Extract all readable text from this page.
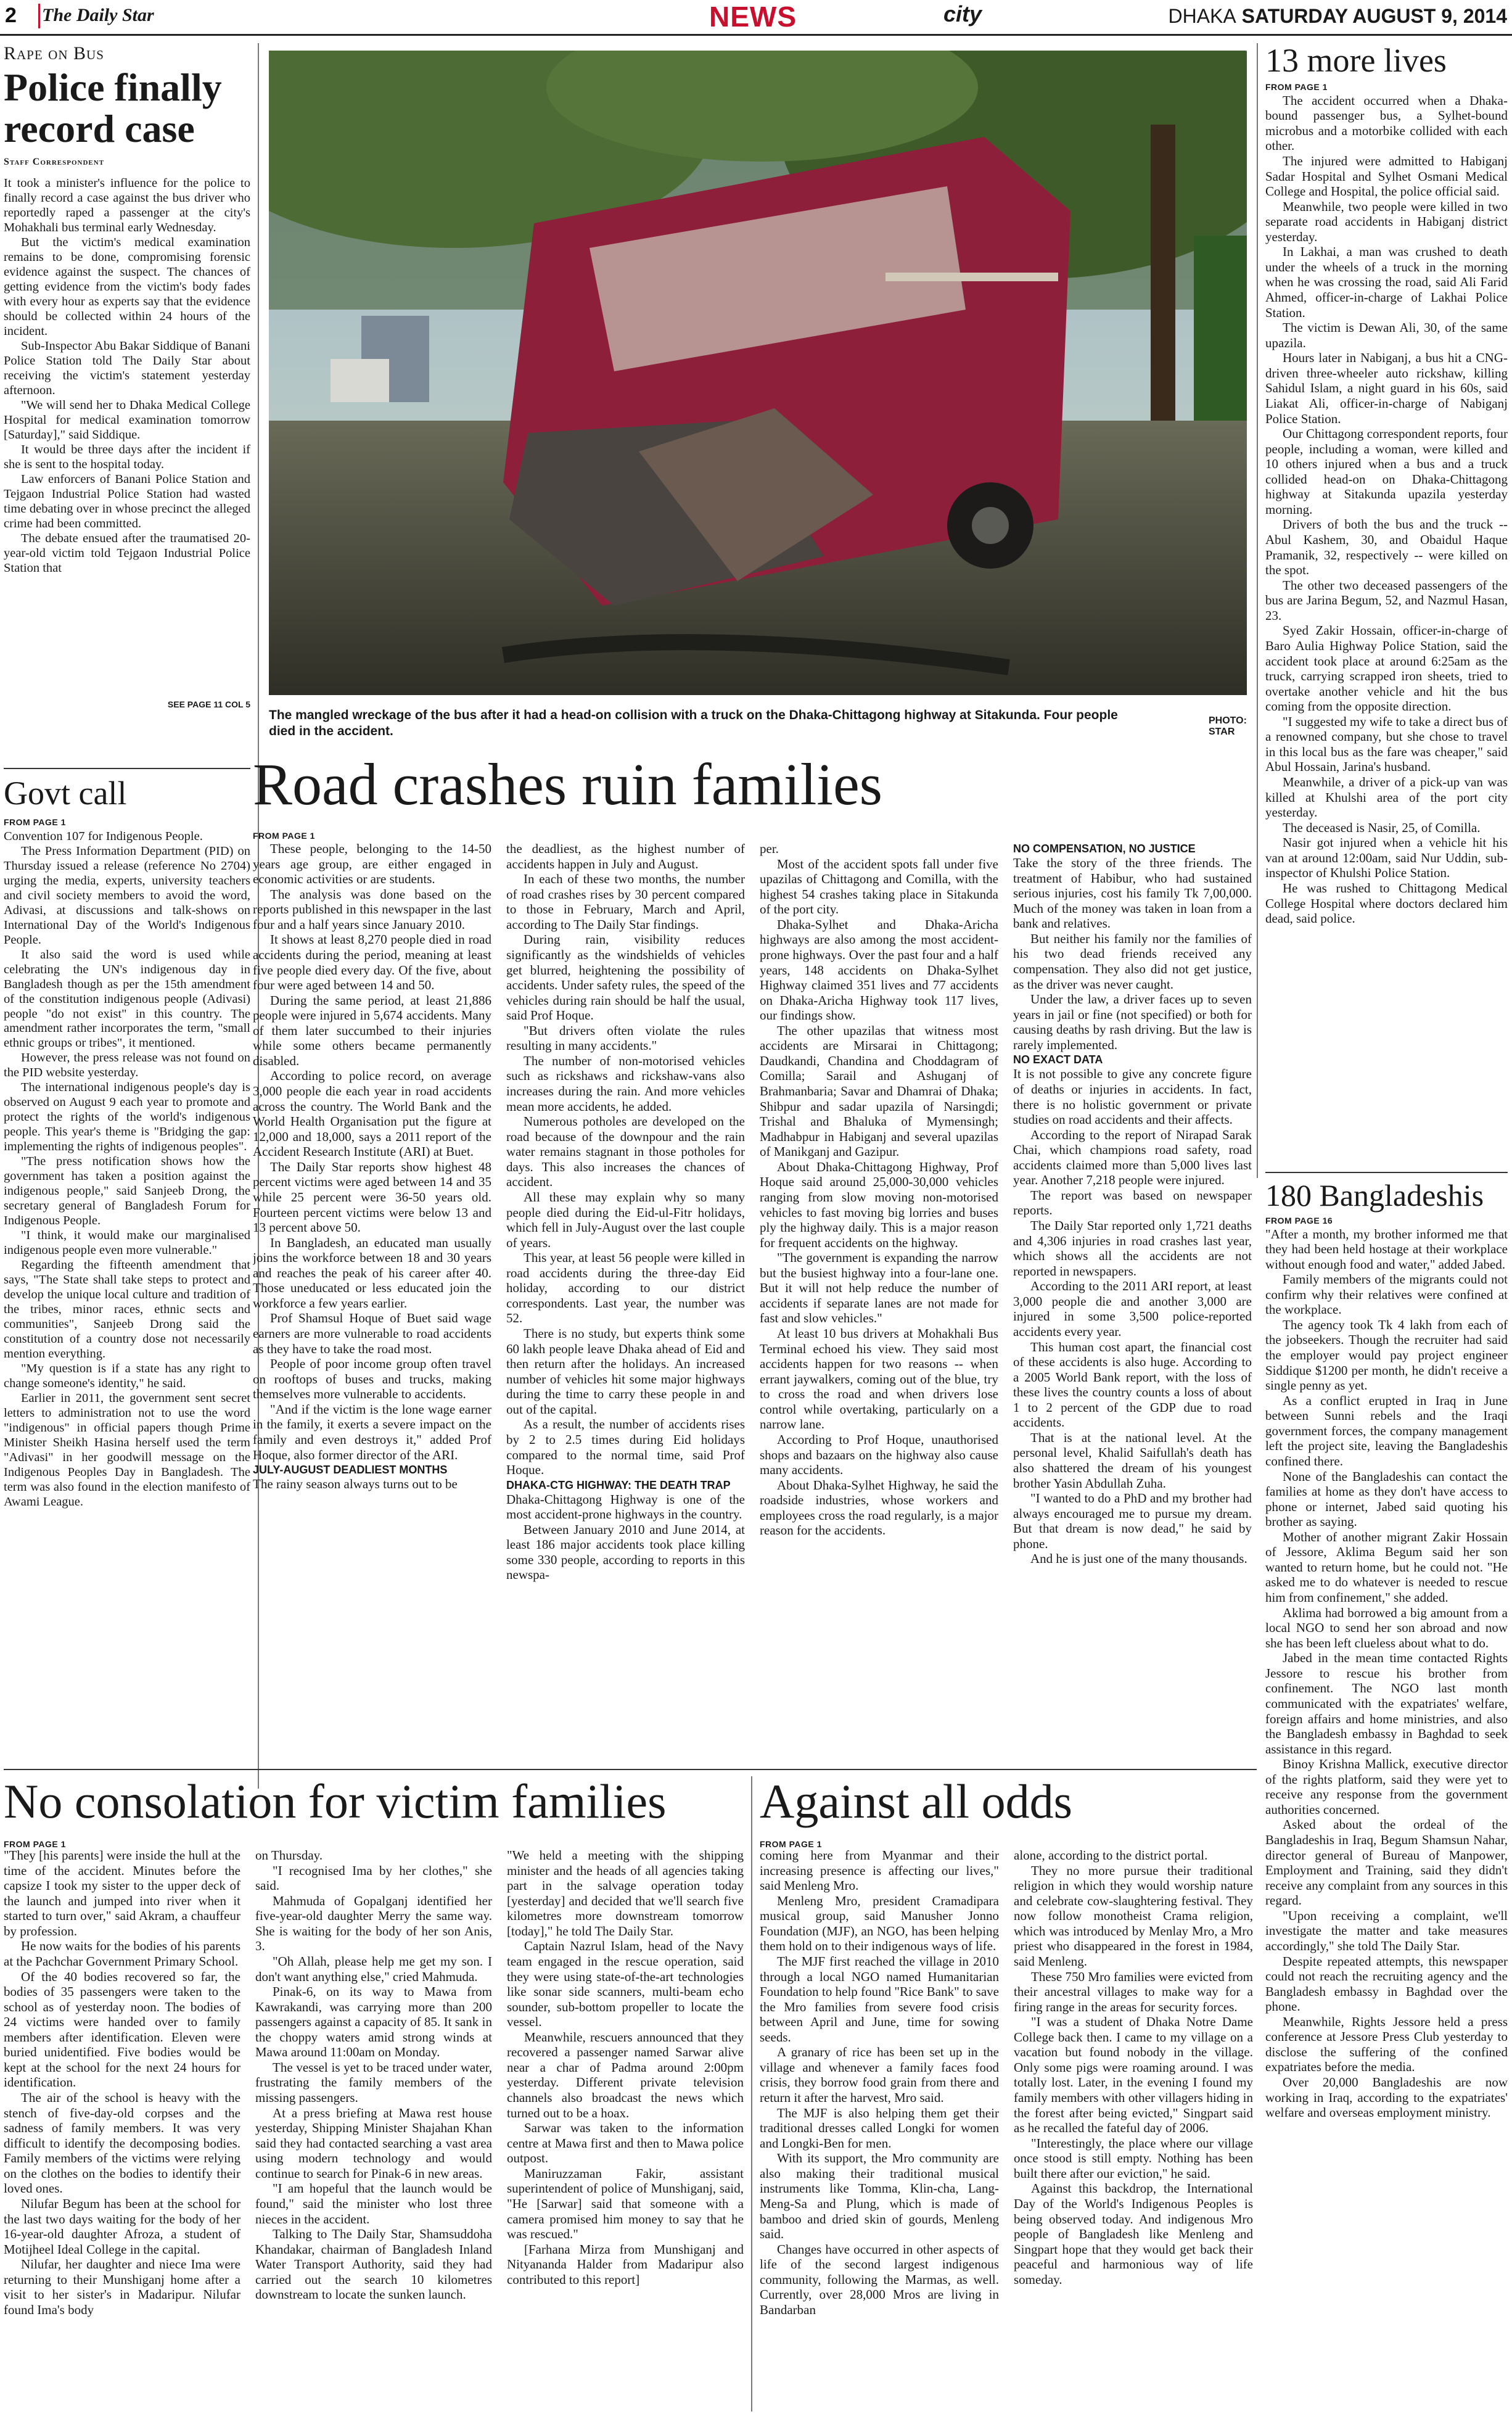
2 The Daily Star	NEWS	city	DHAKA SATURDAY AUGUST 9, 2014
Rape on Bus
Police finally record case
Staff Correspondent

It took a minister's influence for the police to finally record a case against the bus driver who reportedly raped a passenger at the city's Mohakhali bus terminal early Wednesday.

But the victim's medical examination remains to be done, compromising forensic evidence against the suspect. The chances of getting evidence from the victim's body fades with every hour as experts say that the evidence should be collected within 24 hours of the incident.

Sub-Inspector Abu Bakar Siddique of Banani Police Station told The Daily Star about receiving the victim's statement yesterday afternoon.

"We will send her to Dhaka Medical College Hospital for medical examination tomorrow [Saturday]," said Siddique.

It would be three days after the incident if she is sent to the hospital today.

Law enforcers of Banani Police Station and Tejgaon Industrial Police Station had wasted time debating over in whose precinct the alleged crime had been committed.

The debate ensued after the traumatised 20-year-old victim told Tejgaon Industrial Police Station that

SEE PAGE 11 COL 5
Govt call
FROM PAGE 1

Convention 107 for Indigenous People.

The Press Information Department (PID) on Thursday issued a release (reference No 2704) urging the media, experts, university teachers and civil society members to avoid the word, Adivasi, at discussions and talk-shows on International Day of the World's Indigenous People.

It also said the word is used while celebrating the UN's indigenous day in Bangladesh though as per the 15th amendment of the constitution indigenous people (Adivasi) people "do not exist" in this country. The amendment rather incorporates the term, "small ethnic groups or tribes", it mentioned.

However, the press release was not found on the PID website yesterday.

The international indigenous people's day is observed on August 9 each year to promote and protect the rights of the world's indigenous people. This year's theme is "Bridging the gap: implementing the rights of indigenous peoples".

"The press notification shows how the government has taken a position against the indigenous people," said Sanjeeb Drong, the secretary general of Bangladesh Forum for Indigenous People.

"I think, it would make our marginalised indigenous people even more vulnerable."

Regarding the fifteenth amendment that says, "The State shall take steps to protect and develop the unique local culture and tradition of the tribes, minor races, ethnic sects and communities", Sanjeeb Drong said the constitution of a country dose not necessarily mention everything.

"My question is if a state has any right to change someone's identity," he said.

Earlier in 2011, the government sent secret letters to administration not to use the word "indigenous" in official papers though Prime Minister Sheikh Hasina herself used the term "Adivasi" in her goodwill message on the Indigenous Peoples Day in Bangladesh. The term was also found in the election manifesto of Awami League.

The mangled wreckage of the bus after it had a head-on collision with a truck on the Dhaka-Chittagong highway at Sitakunda. Four people died in the accident.
PHOTO:
STAR
13 more lives
FROM PAGE 1

The accident occurred when a Dhaka-bound passenger bus, a Sylhet-bound microbus and a motorbike collided with each other.

The injured were admitted to Habiganj Sadar Hospital and Sylhet Osmani Medical College and Hospital, the police official said.

Meanwhile, two people were killed in two separate road accidents in Habiganj district yesterday.

In Lakhai, a man was crushed to death under the wheels of a truck in the morning when he was crossing the road, said Ali Farid Ahmed, officer-in-charge of Lakhai Police Station.

The victim is Dewan Ali, 30, of the same upazila.

Hours later in Nabiganj, a bus hit a CNG-driven three-wheeler auto rickshaw, killing Sahidul Islam, a night guard in his 60s, said Liakat Ali, officer-in-charge of Nabiganj Police Station.

Our Chittagong correspondent reports, four people, including a woman, were killed and 10 others injured when a bus and a truck collided head-on on Dhaka-Chittagong highway at Sitakunda upazila yesterday morning.

Drivers of both the bus and the truck -- Abul Kashem, 30, and Obaidul Haque Pramanik, 32, respectively -- were killed on the spot.

The other two deceased passengers of the bus are Jarina Begum, 52, and Nazmul Hasan, 23.

Syed Zakir Hossain, officer-in-charge of Baro Aulia Highway Police Station, said the accident took place at around 6:25am as the truck, carrying scrapped iron sheets, tried to overtake another vehicle and hit the bus coming from the opposite direction.

"I suggested my wife to take a direct bus of a renowned company, but she chose to travel in this local bus as the fare was cheaper," said Abul Hossain, Jarina's husband.

Meanwhile, a driver of a pick-up van was killed at Khulshi area of the port city yesterday.

The deceased is Nasir, 25, of Comilla.

Nasir got injured when a vehicle hit his van at around 12:00am, said Nur Uddin, sub-inspector of Khulshi Police Station.

He was rushed to Chittagong Medical College Hospital where doctors declared him dead, said police.

180 Bangladeshis
FROM PAGE 16

"After a month, my brother informed me that they had been held hostage at their workplace without enough food and water," added Jabed.

Family members of the migrants could not confirm why their relatives were confined at the workplace.

The agency took Tk 4 lakh from each of the jobseekers. Though the recruiter had said the employer would pay project engineer Siddique $1200 per month, he didn't receive a single penny as yet.

As a conflict erupted in Iraq in June between Sunni rebels and the Iraqi government forces, the company management left the project site, leaving the Bangladeshis confined there.

None of the Bangladeshis can contact the families at home as they don't have access to phone or internet, Jabed said quoting his brother as saying.

Mother of another migrant Zakir Hossain of Jessore, Aklima Begum said her son wanted to return home, but he could not. "He asked me to do whatever is needed to rescue him from confinement," she added.

Aklima had borrowed a big amount from a local NGO to send her son abroad and now she has been left clueless about what to do.

Jabed in the mean time contacted Rights Jessore to rescue his brother from confinement. The NGO last month communicated with the expatriates' welfare, foreign affairs and home ministries, and also the Bangladesh embassy in Baghdad to seek assistance in this regard.

Binoy Krishna Mallick, executive director of the rights platform, said they were yet to receive any response from the government authorities concerned.

Asked about the ordeal of the Bangladeshis in Iraq, Begum Shamsun Nahar, director general of Bureau of Manpower, Employment and Training, said they didn't receive any complaint from any sources in this regard.

"Upon receiving a complaint, we'll investigate the matter and take measures accordingly," she told The Daily Star.

Despite repeated attempts, this newspaper could not reach the recruiting agency and the Bangladesh embassy in Baghdad over the phone.

Meanwhile, Rights Jessore held a press conference at Jessore Press Club yesterday to disclose the suffering of the confined expatriates before the media.

Over 20,000 Bangladeshis are now working in Iraq, according to the expatriates' welfare and overseas employment ministry.

Road crashes ruin families
FROM PAGE 1

These people, belonging to the 14-50 years age group, are either engaged in economic activities or are students.

The analysis was done based on the reports published in this newspaper in the last four and a half years since January 2010.

It shows at least 8,270 people died in road accidents during the period, meaning at least five people died every day. Of the five, about four were aged between 14 and 50.

During the same period, at least 21,886 people were injured in 5,674 accidents. Many of them later succumbed to their injuries while some others became permanently disabled.

According to police record, on average 3,000 people die each year in road accidents across the country. The World Bank and the World Health Organisation put the figure at 12,000 and 18,000, says a 2011 report of the Accident Research Institute (ARI) at Buet.

The Daily Star reports show highest 48 percent victims were aged between 14 and 35 while 25 percent were 36-50 years old. Fourteen percent victims were below 13 and 13 percent above 50.

In Bangladesh, an educated man usually joins the workforce between 18 and 30 years and reaches the peak of his career after 40. Those uneducated or less educated join the workforce a few years earlier.

Prof Shamsul Hoque of Buet said wage earners are more vulnerable to road accidents as they have to take the road most.

People of poor income group often travel on rooftops of buses and trucks, making themselves more vulnerable to accidents.

"And if the victim is the lone wage earner in the family, it exerts a severe impact on the family and even destroys it," added Prof Hoque, also former director of the ARI.

JULY-AUGUST DEADLIEST MONTHS

The rainy season always turns out to be

the deadliest, as the highest number of accidents happen in July and August.

In each of these two months, the number of road crashes rises by 30 percent compared to those in February, March and April, according to The Daily Star findings.

During rain, visibility reduces significantly as the windshields of vehicles get blurred, heightening the possibility of accidents. Under safety rules, the speed of the vehicles during rain should be half the usual, said Prof Hoque.

"But drivers often violate the rules resulting in many accidents."

The number of non-motorised vehicles such as rickshaws and rickshaw-vans also increases during the rain. And more vehicles mean more accidents, he added.

Numerous potholes are developed on the road because of the downpour and the rain water remains stagnant in those potholes for days. This also increases the chances of accident.

All these may explain why so many people died during the Eid-ul-Fitr holidays, which fell in July-August over the last couple of years.

This year, at least 56 people were killed in road accidents during the three-day Eid holiday, according to our district correspondents. Last year, the number was 52.

There is no study, but experts think some 60 lakh people leave Dhaka ahead of Eid and then return after the holidays. An increased number of vehicles hit some major highways during the time to carry these people in and out of the capital.

As a result, the number of accidents rises by 2 to 2.5 times during Eid holidays compared to the normal time, said Prof Hoque.

DHAKA-CTG HIGHWAY: THE DEATH TRAP

Dhaka-Chittagong Highway is one of the most accident-prone highways in the country.

Between January 2010 and June 2014, at least 186 major accidents took place killing some 330 people, according to reports in this newspa-

per.

Most of the accident spots fall under five upazilas of Chittagong and Comilla, with the highest 54 crashes taking place in Sitakunda of the port city.

Dhaka-Sylhet and Dhaka-Aricha highways are also among the most accident-prone highways. Over the past four and a half years, 148 accidents on Dhaka-Sylhet Highway claimed 351 lives and 77 accidents on Dhaka-Aricha Highway took 117 lives, our findings show.

The other upazilas that witness most accidents are Mirsarai in Chittagong; Daudkandi, Chandina and Choddagram of Comilla; Sarail and Ashuganj of Brahmanbaria; Savar and Dhamrai of Dhaka; Shibpur and sadar upazila of Narsingdi; Trishal and Bhaluka of Mymensingh; Madhabpur in Habiganj and several upazilas of Manikganj and Gazipur.

About Dhaka-Chittagong Highway, Prof Hoque said around 25,000-30,000 vehicles ranging from slow moving non-motorised vehicles to fast moving big lorries and buses ply the highway daily. This is a major reason for frequent accidents on the highway.

"The government is expanding the narrow but the busiest highway into a four-lane one. But it will not help reduce the number of accidents if separate lanes are not made for fast and slow vehicles."

At least 10 bus drivers at Mohakhali Bus Terminal echoed his view. They said most accidents happen for two reasons -- when errant jaywalkers, coming out of the blue, try to cross the road and when drivers lose control while overtaking, particularly on a narrow lane.

According to Prof Hoque, unauthorised shops and bazaars on the highway also cause many accidents.

About Dhaka-Sylhet Highway, he said the roadside industries, whose workers and employees cross the road regularly, is a major reason for the accidents.

NO COMPENSATION, NO JUSTICE

Take the story of the three friends. The treatment of Habibur, who had sustained serious injuries, cost his family Tk 7,00,000. Much of the money was taken in loan from a bank and relatives.

But neither his family nor the families of his two dead friends received any compensation. They also did not get justice, as the driver was never caught.

Under the law, a driver faces up to seven years in jail or fine (not specified) or both for causing deaths by rash driving. But the law is rarely implemented.

NO EXACT DATA

It is not possible to give any concrete figure of deaths or injuries in accidents. In fact, there is no holistic government or private studies on road accidents and their affects.

According to the report of Nirapad Sarak Chai, which champions road safety, road accidents claimed more than 5,000 lives last year. Another 7,218 people were injured.

The report was based on newspaper reports.

The Daily Star reported only 1,721 deaths and 4,306 injuries in road crashes last year, which shows all the accidents are not reported in newspapers.

According to the 2011 ARI report, at least 3,000 people die and another 3,000 are injured in some 3,500 police-reported accidents every year.

This human cost apart, the financial cost of these accidents is also huge. According to a 2005 World Bank report, with the loss of these lives the country counts a loss of about 1 to 2 percent of the GDP due to road accidents.

That is at the national level. At the personal level, Khalid Saifullah's death has also shattered the dream of his youngest brother Yasin Abdullah Zuha.

"I wanted to do a PhD and my brother had always encouraged me to pursue my dream. But that dream is now dead," he said by phone.

And he is just one of the many thousands.

No consolation for victim families
FROM PAGE 1

"They [his parents] were inside the hull at the time of the accident. Minutes before the capsize I took my sister to the upper deck of the launch and jumped into river when it started to turn over," said Akram, a chauffeur by profession.

He now waits for the bodies of his parents at the Pachchar Government Primary School.

Of the 40 bodies recovered so far, the bodies of 35 passengers were taken to the school as of yesterday noon. The bodies of 24 victims were handed over to family members after identification. Eleven were buried unidentified. Five bodies would be kept at the school for the next 24 hours for identification.

The air of the school is heavy with the stench of five-day-old corpses and the sadness of family members. It was very difficult to identify the decomposing bodies. Family members of the victims were relying on the clothes on the bodies to identify their loved ones.

Nilufar Begum has been at the school for the last two days waiting for the body of her 16-year-old daughter Afroza, a student of Motijheel Ideal College in the capital.

Nilufar, her daughter and niece Ima were returning to their Munshiganj home after a visit to her sister's in Madaripur. Nilufar found Ima's body

on Thursday.

"I recognised Ima by her clothes," she said.

Mahmuda of Gopalganj identified her five-year-old daughter Merry the same way. She is waiting for the body of her son Anis, 3.

"Oh Allah, please help me get my son. I don't want anything else," cried Mahmuda.

Pinak-6, on its way to Mawa from Kawrakandi, was carrying more than 200 passengers against a capacity of 85. It sank in the choppy waters amid strong winds at Mawa around 11:00am on Monday.

The vessel is yet to be traced under water, frustrating the family members of the missing passengers.

At a press briefing at Mawa rest house yesterday, Shipping Minister Shajahan Khan said they had contacted searching a vast area using modern technology and would continue to search for Pinak-6 in new areas.

"I am hopeful that the launch would be found," said the minister who lost three nieces in the accident.

Talking to The Daily Star, Shamsuddoha Khandakar, chairman of Bangladesh Inland Water Transport Authority, said they had carried out the search 10 kilometres downstream to locate the sunken launch.

"We held a meeting with the shipping minister and the heads of all agencies taking part in the salvage operation today [yesterday] and decided that we'll search five kilometres more downstream tomorrow [today]," he told The Daily Star.

Captain Nazrul Islam, head of the Navy team engaged in the rescue operation, said they were using state-of-the-art technologies like sonar side scanners, multi-beam echo sounder, sub-bottom propeller to locate the vessel.

Meanwhile, rescuers announced that they recovered a passenger named Sarwar alive near a char of Padma around 2:00pm yesterday. Different private television channels also broadcast the news which turned out to be a hoax.

Sarwar was taken to the information centre at Mawa first and then to Mawa police outpost.

Maniruzzaman Fakir, assistant superintendent of police of Munshiganj, said, "He [Sarwar] said that someone with a camera promised him money to say that he was rescued."

[Farhana Mirza from Munshiganj and Nityananda Halder from Madaripur also contributed to this report]

Against all odds
FROM PAGE 1

coming here from Myanmar and their increasing presence is affecting our lives," said Menleng Mro.

Menleng Mro, president Cramadipara musical group, said Manusher Jonno Foundation (MJF), an NGO, has been helping them hold on to their indigenous ways of life.

The MJF first reached the village in 2010 through a local NGO named Humanitarian Foundation to help found "Rice Bank" to save the Mro families from severe food crisis between April and June, time for sowing seeds.

A granary of rice has been set up in the village and whenever a family faces food crisis, they borrow food grain from there and return it after the harvest, Mro said.

The MJF is also helping them get their traditional dresses called Longki for women and Longki-Ben for men.

With its support, the Mro community are also making their traditional musical instruments like Tomma, Klin-cha, Lang-Meng-Sa and Plung, which is made of bamboo and dried skin of gourds, Menleng said.

Changes have occurred in other aspects of life of the second largest indigenous community, following the Marmas, as well. Currently, over 28,000 Mros are living in Bandarban

alone, according to the district portal.

They no more pursue their traditional religion in which they would worship nature and celebrate cow-slaughtering festival. They now follow monotheist Crama religion, which was introduced by Menlay Mro, a Mro priest who disappeared in the forest in 1984, said Menleng.

These 750 Mro families were evicted from their ancestral villages to make way for a firing range in the areas for security forces.

"I was a student of Dhaka Notre Dame College back then. I came to my village on a vacation but found nobody in the village. Only some pigs were roaming around. I was totally lost. Later, in the evening I found my family members with other villagers hiding in the forest after being evicted," Singpart said as he recalled the fateful day of 2006.

"Interestingly, the place where our village once stood is still empty. Nothing has been built there after our eviction," he said.

Against this backdrop, the International Day of the World's Indigenous Peoples is being observed today. And indigenous Mro people of Bangladesh like Menleng and Singpart hope that they would get back their peaceful and harmonious way of life someday.
